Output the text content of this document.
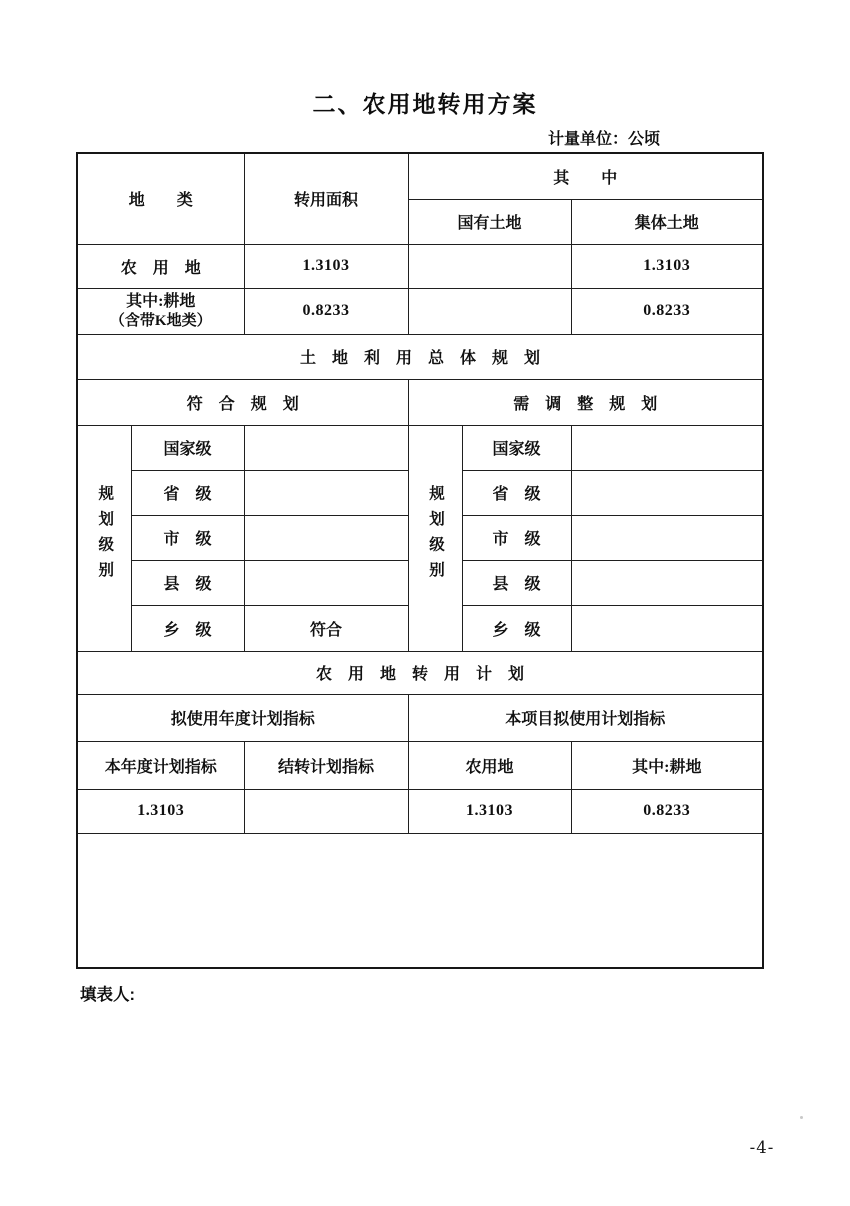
二、农用地转用方案
计量单位：公顷
地　　类		转用面积	其　　中		
			国有土地		集体土地
农　用　地		1.3103			1.3103

其中:耕地
（含带K地类）		0.8233			0.8233
土　地　利　用　总　体　规　划					
符　合　规　划			需　调　整　规　划		
规划级别	国家级		规划级别	国家级	
	省　级			省　级	
	市　级			市　级	
	县　级			县　级	
	乡　级	符合		乡　级	
农　用　地　转　用　计　划					
拟使用年度计划指标			本项目拟使用计划指标		
本年度计划指标		结转计划指标	农用地		其中:耕地
1.3103			1.3103		0.8233

填表人:
-4-
